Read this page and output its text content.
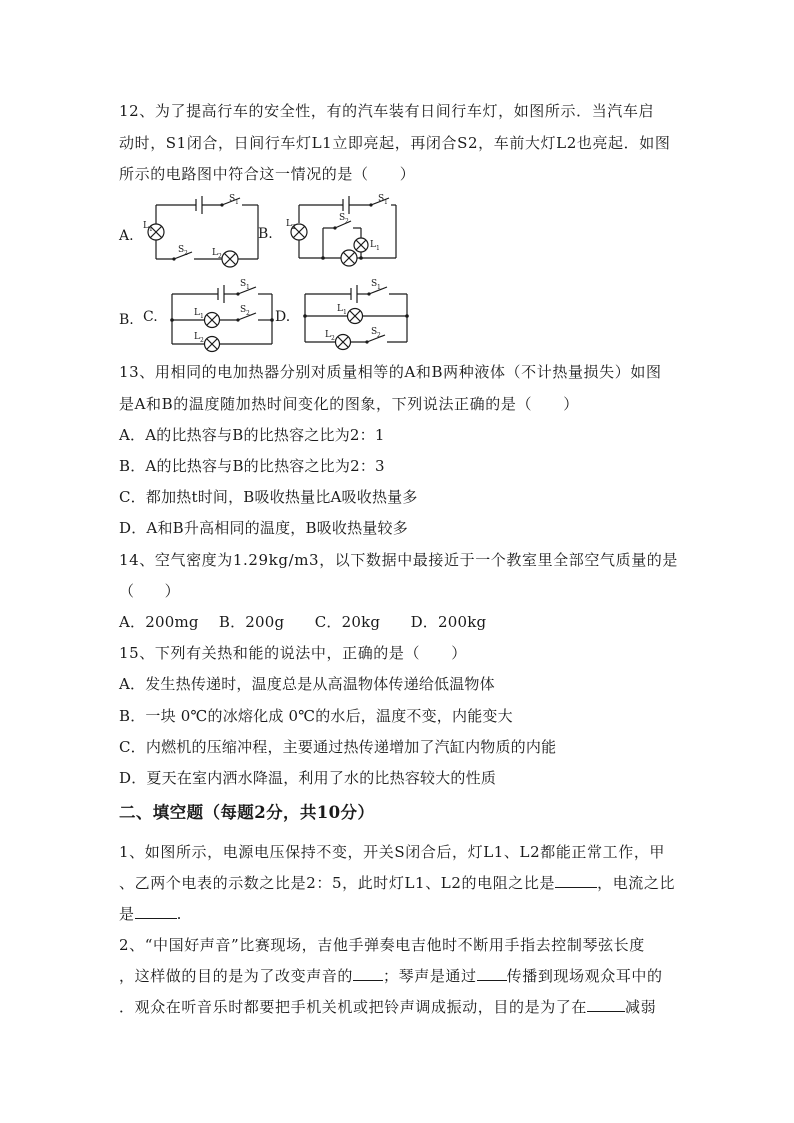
12、为了提高行车的安全性，有的汽车装有日间行车灯，如图所示．当汽车启
动时，S1闭合，日间行车灯L1立即亮起，再闭合S2，车前大灯L2也亮起．如图
所示的电路图中符合这一情况的是（　　）
A.	B.
B. C.	D.
S 1
L 1
S 2	L 2
S 1
L 2
S 2
L 1
S 1
L 1
S 2
L 2
S 1
L 1
L 2
S 2
13、用相同的电加热器分别对质量相等的A和B两种液体（不计热量损失）如图
是A和B的温度随加热时间变化的图象，下列说法正确的是（　　）
A．A的比热容与B的比热容之比为2：1
B．A的比热容与B的比热容之比为2：3
C．都加热t时间，B吸收热量比A吸收热量多
D．A和B升高相同的温度，B吸收热量较多
14、空气密度为1.29kg/m3，以下数据中最接近于一个教室里全部空气质量的是
（　　）
A．200mg　 B．200g　　C．20kg　　D．200kg
15、下列有关热和能的说法中，正确的是（　　）
A．发生热传递时，温度总是从高温物体传递给低温物体
B．一块 0℃的冰熔化成 0℃的水后，温度不变，内能变大
C．内燃机的压缩冲程，主要通过热传递增加了汽缸内物质的内能
D．夏天在室内洒水降温，利用了水的比热容较大的性质
二、填空题（每题2分，共10分）
1、如图所示，电源电压保持不变，开关S闭合后，灯L1、L2都能正常工作，甲
、乙两个电表的示数之比是2：5，此时灯L1、L2的电阻之比是	，电流之比
是	.
2、“中国好声音”比赛现场，吉他手弹奏电吉他时不断用手指去控制琴弦长度
，这样做的目的是为了改变声音的 ；琴声是通过 传播到现场观众耳中的
．观众在听音乐时都要把手机关机或把铃声调成振动，目的是为了在	减弱
